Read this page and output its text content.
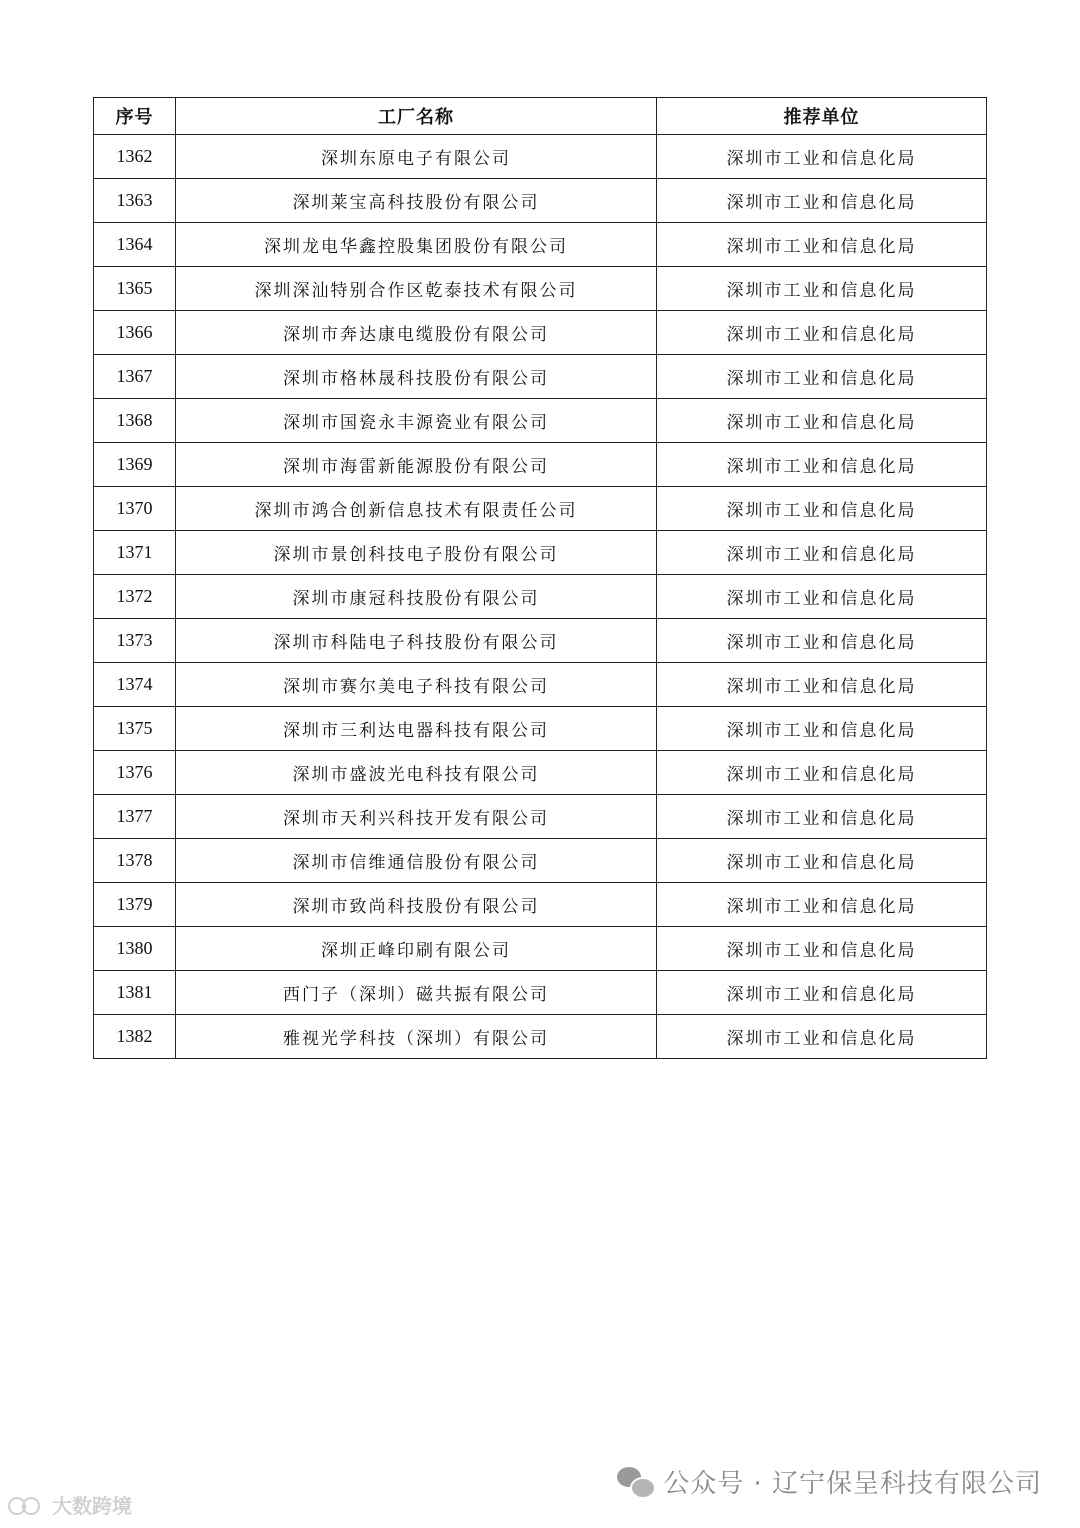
序号	工厂名称	推荐单位
1362	深圳东原电子有限公司	深圳市工业和信息化局
1363	深圳莱宝高科技股份有限公司	深圳市工业和信息化局
1364	深圳龙电华鑫控股集团股份有限公司	深圳市工业和信息化局
1365	深圳深汕特别合作区乾泰技术有限公司	深圳市工业和信息化局
1366	深圳市奔达康电缆股份有限公司	深圳市工业和信息化局
1367	深圳市格林晟科技股份有限公司	深圳市工业和信息化局
1368	深圳市国瓷永丰源瓷业有限公司	深圳市工业和信息化局
1369	深圳市海雷新能源股份有限公司	深圳市工业和信息化局
1370	深圳市鸿合创新信息技术有限责任公司	深圳市工业和信息化局
1371	深圳市景创科技电子股份有限公司	深圳市工业和信息化局
1372	深圳市康冠科技股份有限公司	深圳市工业和信息化局
1373	深圳市科陆电子科技股份有限公司	深圳市工业和信息化局
1374	深圳市赛尔美电子科技有限公司	深圳市工业和信息化局
1375	深圳市三利达电器科技有限公司	深圳市工业和信息化局
1376	深圳市盛波光电科技有限公司	深圳市工业和信息化局
1377	深圳市天利兴科技开发有限公司	深圳市工业和信息化局
1378	深圳市信维通信股份有限公司	深圳市工业和信息化局
1379	深圳市致尚科技股份有限公司	深圳市工业和信息化局
1380	深圳正峰印刷有限公司	深圳市工业和信息化局
1381	西门子（深圳）磁共振有限公司	深圳市工业和信息化局
1382	雅视光学科技（深圳）有限公司	深圳市工业和信息化局
公众号 · 辽宁保呈科技有限公司
大数跨境
